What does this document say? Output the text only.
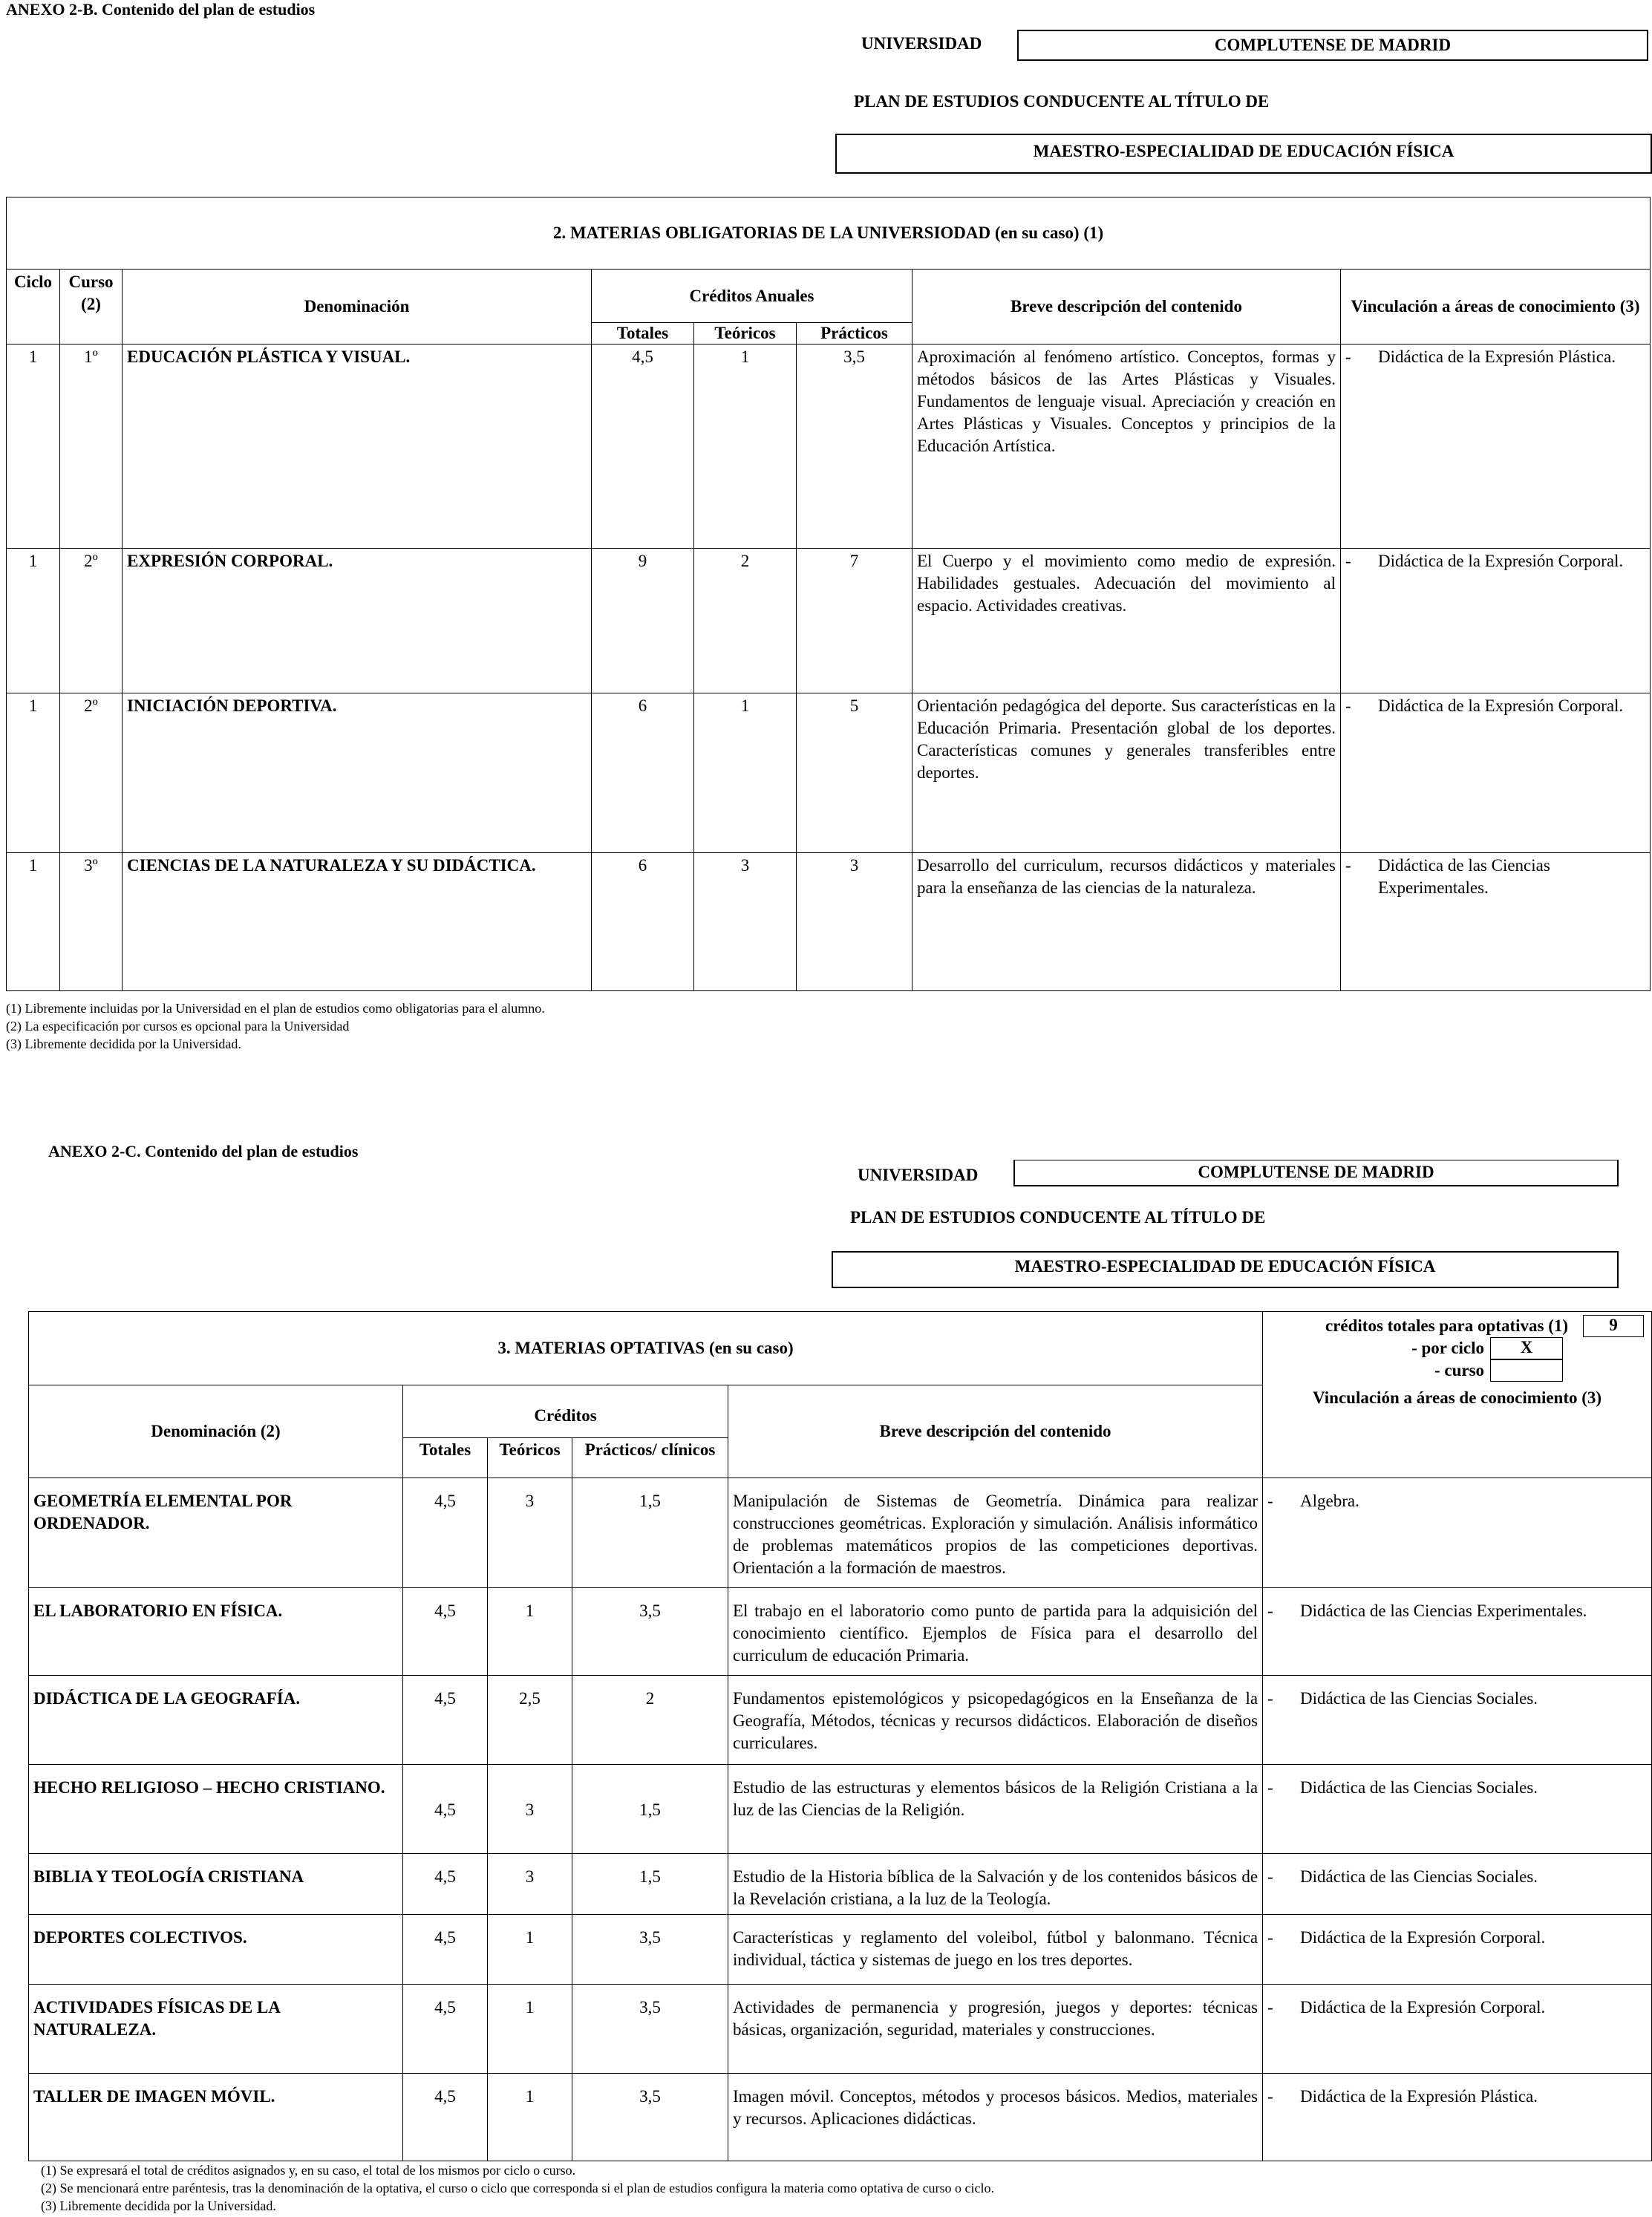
ANEXO 2-B. Contenido del plan de estudios
UNIVERSIDAD	COMPLUTENSE DE MADRID
PLAN DE ESTUDIOS CONDUCENTE AL TÍTULO DE
MAESTRO-ESPECIALIDAD DE EDUCACIÓN FÍSICA
2. MATERIAS OBLIGATORIAS DE LA UNIVERSIODAD (en su caso) (1)							
Ciclo	Curso (2)	Denominación	Créditos Anuales			Breve descripción del contenido	Vinculación a áreas de conocimiento (3)
			Totales	Teóricos	Prácticos		
1	1º	EDUCACIÓN PLÁSTICA Y VISUAL.	4,5	1	3,5	Aproximación al fenómeno artístico. Conceptos, formas y métodos básicos de las Artes Plásticas y Visuales. Fundamentos de lenguaje visual. Apreciación y creación en Artes Plásticas y Visuales. Conceptos y principios de la Educación Artística.	- Didáctica de la Expresión Plástica.

1	2º	EXPRESIÓN CORPORAL.	9	2	7	El Cuerpo y el movimiento como medio de expresión. Habilidades gestuales. Adecuación del movimiento al espacio. Actividades creativas.	- Didáctica de la Expresión Corporal.

1	2º	INICIACIÓN DEPORTIVA.	6	1	5	Orientación pedagógica del deporte. Sus características en la Educación Primaria. Presentación global de los deportes. Características comunes y generales transferibles entre deportes.	- Didáctica de la Expresión Corporal.

1	3º	CIENCIAS DE LA NATURALEZA Y SU DIDÁCTICA.	6	3	3	Desarrollo del curriculum, recursos didácticos y materiales para la enseñanza de las ciencias de la naturaleza.	- Didáctica de las Ciencias Experimentales.
(1) Libremente incluidas por la Universidad en el plan de estudios como obligatorias para el alumno.
(2) La especificación por cursos es opcional para la Universidad
(3) Libremente decidida por la Universidad.
ANEXO 2-C. Contenido del plan de estudios
UNIVERSIDAD	COMPLUTENSE DE MADRID
PLAN DE ESTUDIOS CONDUCENTE AL TÍTULO DE
MAESTRO-ESPECIALIDAD DE EDUCACIÓN FÍSICA
3. MATERIAS OPTATIVAS (en su caso)					créditos totales para optativas (1) 9
- por ciclo X
- curso

Denominación (2)	Créditos			Breve descripción del contenido	Vinculación a áreas de conocimiento (3)
	Totales	Teóricos	Prácticos/ clínicos		
GEOMETRÍA ELEMENTAL POR ORDENADOR.	4,5	3	1,5	Manipulación de Sistemas de Geometría. Dinámica para realizar construcciones geométricas. Exploración y simulación. Análisis informático de problemas matemáticos propios de las competiciones deportivas. Orientación a la formación de maestros.	- Algebra.

EL LABORATORIO EN FÍSICA.	4,5	1	3,5	El trabajo en el laboratorio como punto de partida para la adquisición del conocimiento científico. Ejemplos de Física para el desarrollo del curriculum de educación Primaria.	- Didáctica de las Ciencias Experimentales.

DIDÁCTICA DE LA GEOGRAFÍA.	4,5	2,5	2	Fundamentos epistemológicos y psicopedagógicos en la Enseñanza de la Geografía, Métodos, técnicas y recursos didácticos. Elaboración de diseños curriculares.	- Didáctica de las Ciencias Sociales.

HECHO RELIGIOSO – HECHO CRISTIANO.	4,5	3	1,5	Estudio de las estructuras y elementos básicos de la Religión Cristiana a la luz de las Ciencias de la Religión.	- Didáctica de las Ciencias Sociales.

BIBLIA Y TEOLOGÍA CRISTIANA	4,5	3	1,5	Estudio de la Historia bíblica de la Salvación y de los contenidos básicos de la Revelación cristiana, a la luz de la Teología.	- Didáctica de las Ciencias Sociales.

DEPORTES COLECTIVOS.	4,5	1	3,5	Características y reglamento del voleibol, fútbol y balonmano. Técnica individual, táctica y sistemas de juego en los tres deportes.	- Didáctica de la Expresión Corporal.

ACTIVIDADES FÍSICAS DE LA NATURALEZA.	4,5	1	3,5	Actividades de permanencia y progresión, juegos y deportes: técnicas básicas, organización, seguridad, materiales y construcciones.	- Didáctica de la Expresión Corporal.

TALLER DE IMAGEN MÓVIL.	4,5	1	3,5	Imagen móvil. Conceptos, métodos y procesos básicos. Medios, materiales y recursos. Aplicaciones didácticas.	- Didáctica de la Expresión Plástica.
(1) Se expresará el total de créditos asignados y, en su caso, el total de los mismos por ciclo o curso.
(2) Se mencionará entre paréntesis, tras la denominación de la optativa, el curso o ciclo que corresponda si el plan de estudios configura la materia como optativa de curso o ciclo.
(3) Libremente decidida por la Universidad.
